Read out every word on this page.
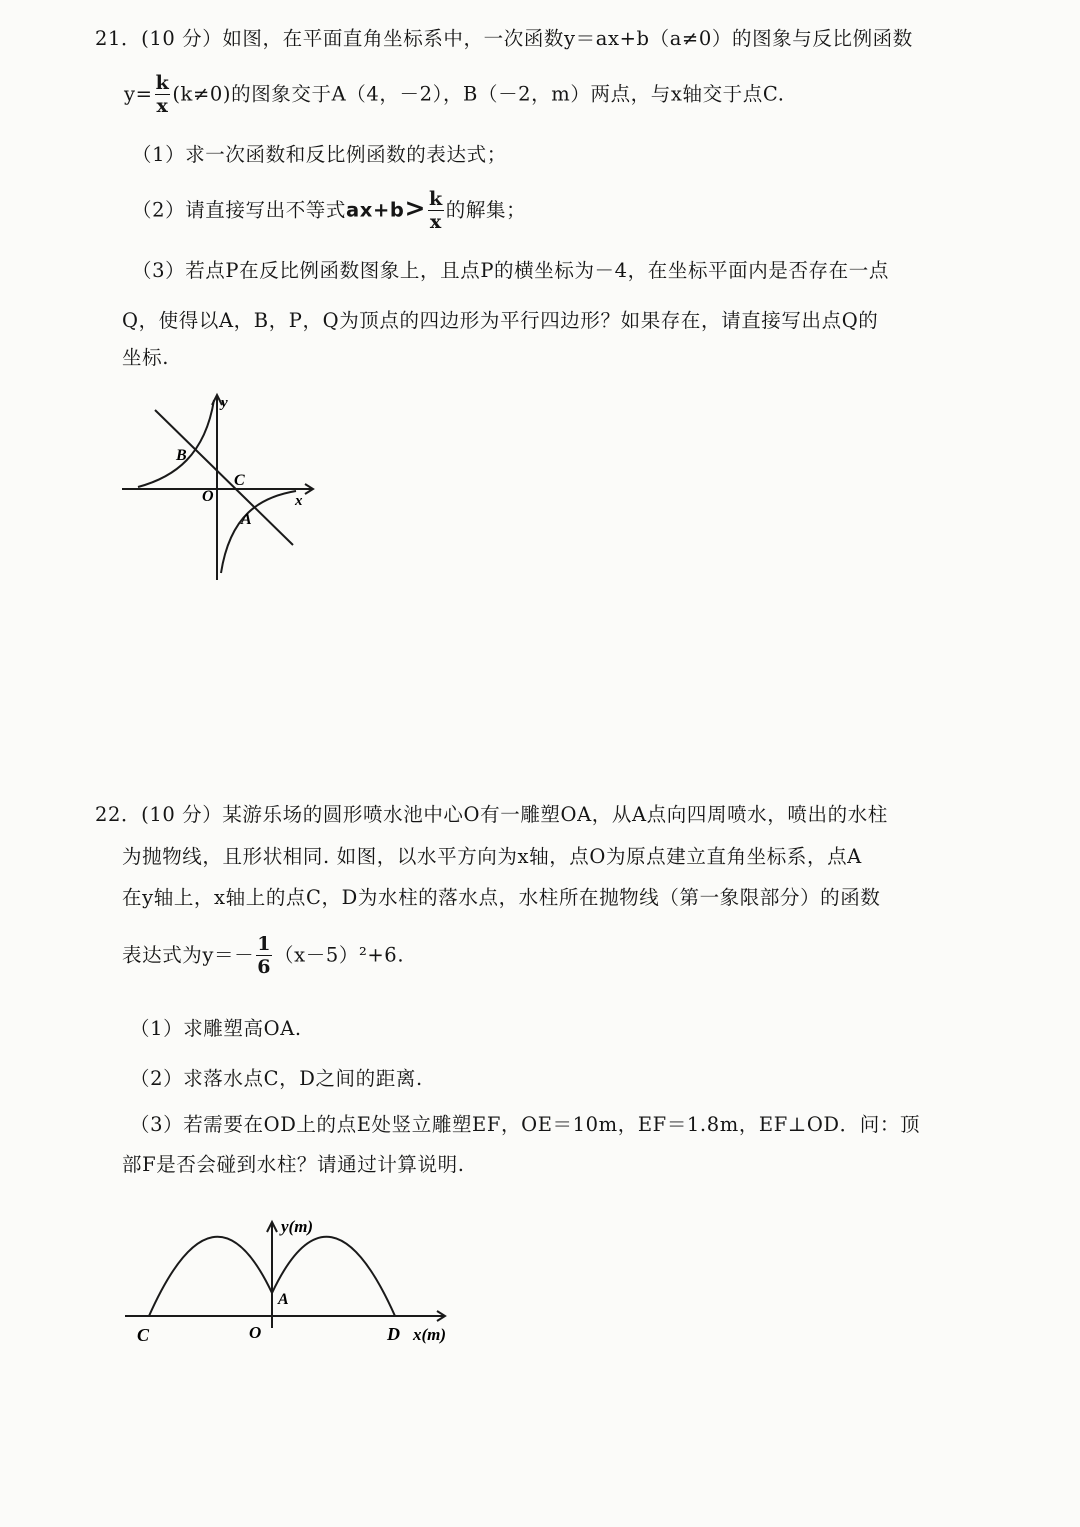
21．(10 分）如图，在平面直角坐标系中，一次函数y＝ax+b（a≠0）的图象与反比例函数
$y= \frac{k}{x} (k\ne 0)$的图象交于A（4，－2），B（－2，m）两点，与x轴交于点C.
（1）求一次函数和反比例函数的表达式；
（2）请直接写出不等式$ax+b> \frac{k}{x}$ 的解集；
（3）若点P在反比例函数图象上，且点P的横坐标为－4，在坐标平面内是否存在一点
Q，使得以A，B，P，Q为顶点的四边形为平行四边形？如果存在，请直接写出点Q的
坐标.
x
y
O
B
C
A
22．(10 分）某游乐场的圆形喷水池中心O有一雕塑OA，从A点向四周喷水，喷出的水柱
为抛物线，且形状相同. 如图，以水平方向为x轴，点O为原点建立直角坐标系，点A
在y轴上，x轴上的点C，D为水柱的落水点，水柱所在抛物线（第一象限部分）的函数
表达式为$y=- \frac{1}{6} (x-5)^2+6$.
（1）求雕塑高OA.
（2）求落水点C，D之间的距离.
（3）若需要在OD上的点E处竖立雕塑EF，OE＝10m，EF＝1.8m，EF⊥OD．问：顶
部F是否会碰到水柱？请通过计算说明.
y(m)
x(m)
O
A
C	D
